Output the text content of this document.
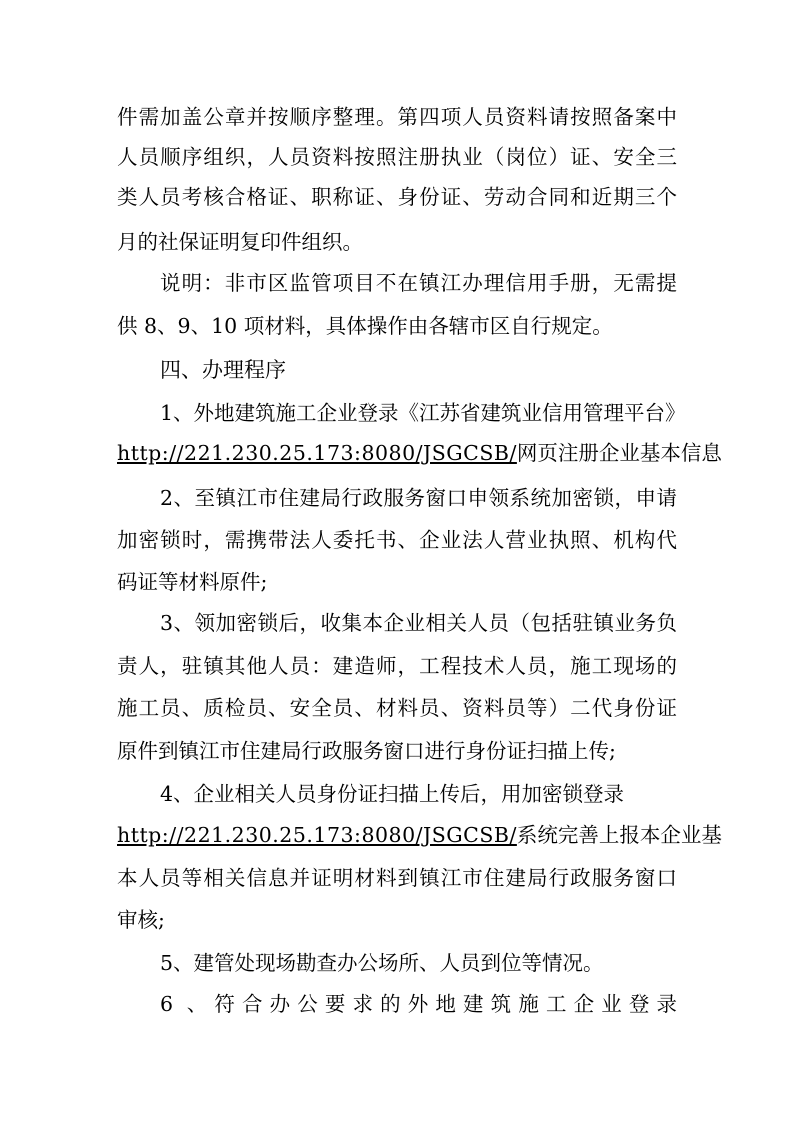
件需加盖公章并按顺序整理。第四项人员资料请按照备案中
人员顺序组织，人员资料按照注册执业（岗位）证、安全三
类人员考核合格证、职称证、身份证、劳动合同和近期三个
月的社保证明复印件组织。
说明：非市区监管项目不在镇江办理信用手册，无需提
供 8、9、10 项材料，具体操作由各辖市区自行规定。
四、办理程序
1、外地建筑施工企业登录《江苏省建筑业信用管理平台》
http://221.230.25.173:8080/JSGCSB/网页注册企业基本信息
2、至镇江市住建局行政服务窗口申领系统加密锁，申请
加密锁时，需携带法人委托书、企业法人营业执照、机构代
码证等材料原件;
3、领加密锁后，收集本企业相关人员（包括驻镇业务负
责人，驻镇其他人员：建造师，工程技术人员，施工现场的
施工员、质检员、安全员、材料员、资料员等）二代身份证
原件到镇江市住建局行政服务窗口进行身份证扫描上传;
4、企业相关人员身份证扫描上传后，用加密锁登录
http://221.230.25.173:8080/JSGCSB/系统完善上报本企业基
本人员等相关信息并证明材料到镇江市住建局行政服务窗口
审核;
5、建管处现场勘查办公场所、人员到位等情况。
6 、符合办公要求的外地建筑施工企业登录
